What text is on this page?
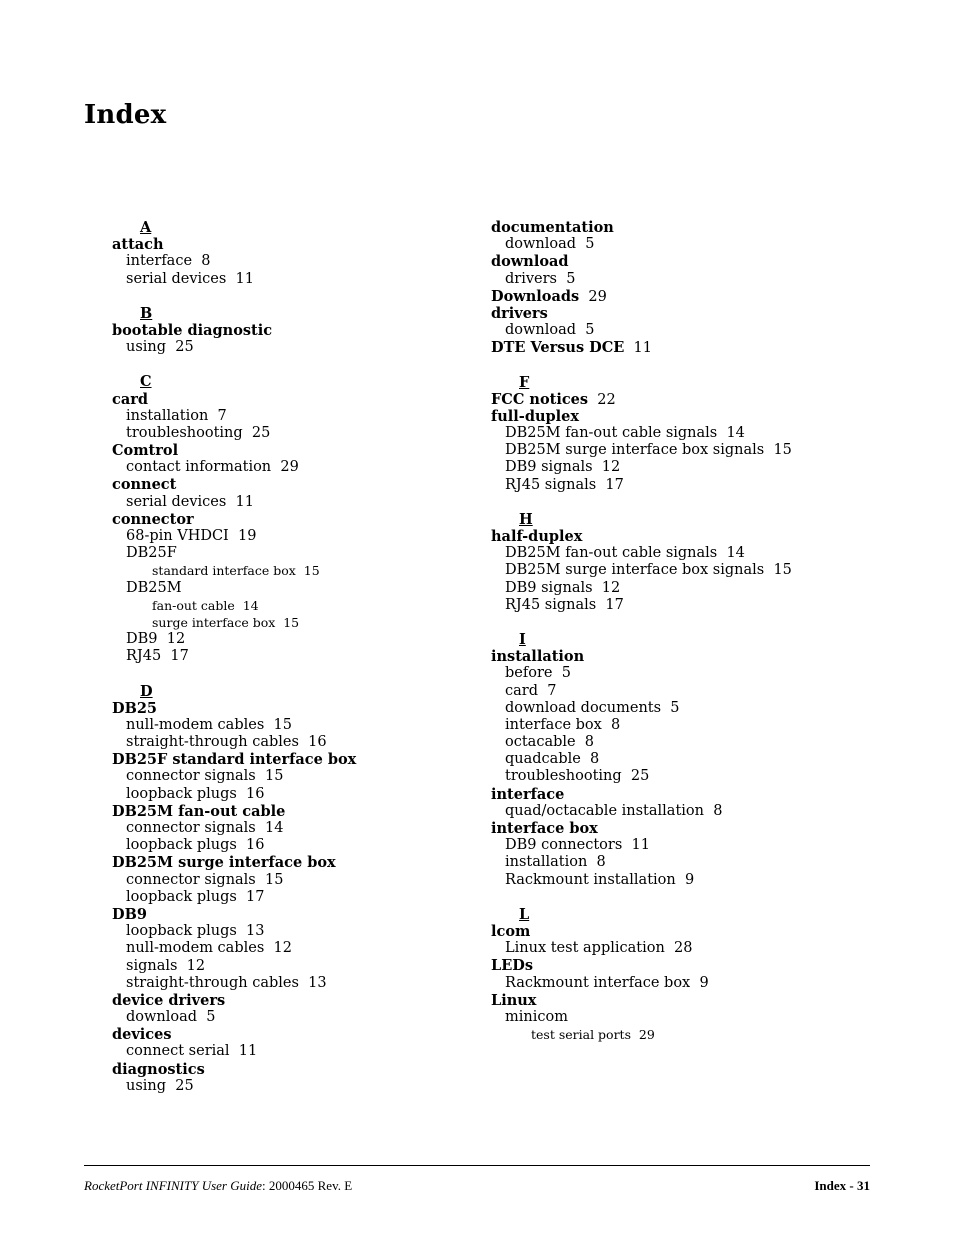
Index
A
attach
interface  8
serial devices  11
B
bootable diagnostic
using  25
C
card
installation  7
troubleshooting  25
Comtrol
contact information  29
connect
serial devices  11
connector
68-pin VHDCI  19
DB25F
standard interface box  15
DB25M
fan-out cable  14
surge interface box  15
DB9  12
RJ45  17
D
DB25
null-modem cables  15
straight-through cables  16
DB25F standard interface box
connector signals  15
loopback plugs  16
DB25M fan-out cable
connector signals  14
loopback plugs  16
DB25M surge interface box
connector signals  15
loopback plugs  17
DB9
loopback plugs  13
null-modem cables  12
signals  12
straight-through cables  13
device drivers
download  5
devices
connect serial  11
diagnostics
using  25
documentation
download  5
download
drivers  5
Downloads  29
drivers
download  5
DTE Versus DCE  11
F
FCC notices  22
full-duplex
DB25M fan-out cable signals  14
DB25M surge interface box signals  15
DB9 signals  12
RJ45 signals  17
H
half-duplex
DB25M fan-out cable signals  14
DB25M surge interface box signals  15
DB9 signals  12
RJ45 signals  17
I
installation
before  5
card  7
download documents  5
interface box  8
octacable  8
quadcable  8
troubleshooting  25
interface
quad/octacable installation  8
interface box
DB9 connectors  11
installation  8
Rackmount installation  9
L
lcom
Linux test application  28
LEDs
Rackmount interface box  9
Linux
minicom
test serial ports  29
RocketPort INFINITY User Guide: 2000465 Rev. E	Index - 31
